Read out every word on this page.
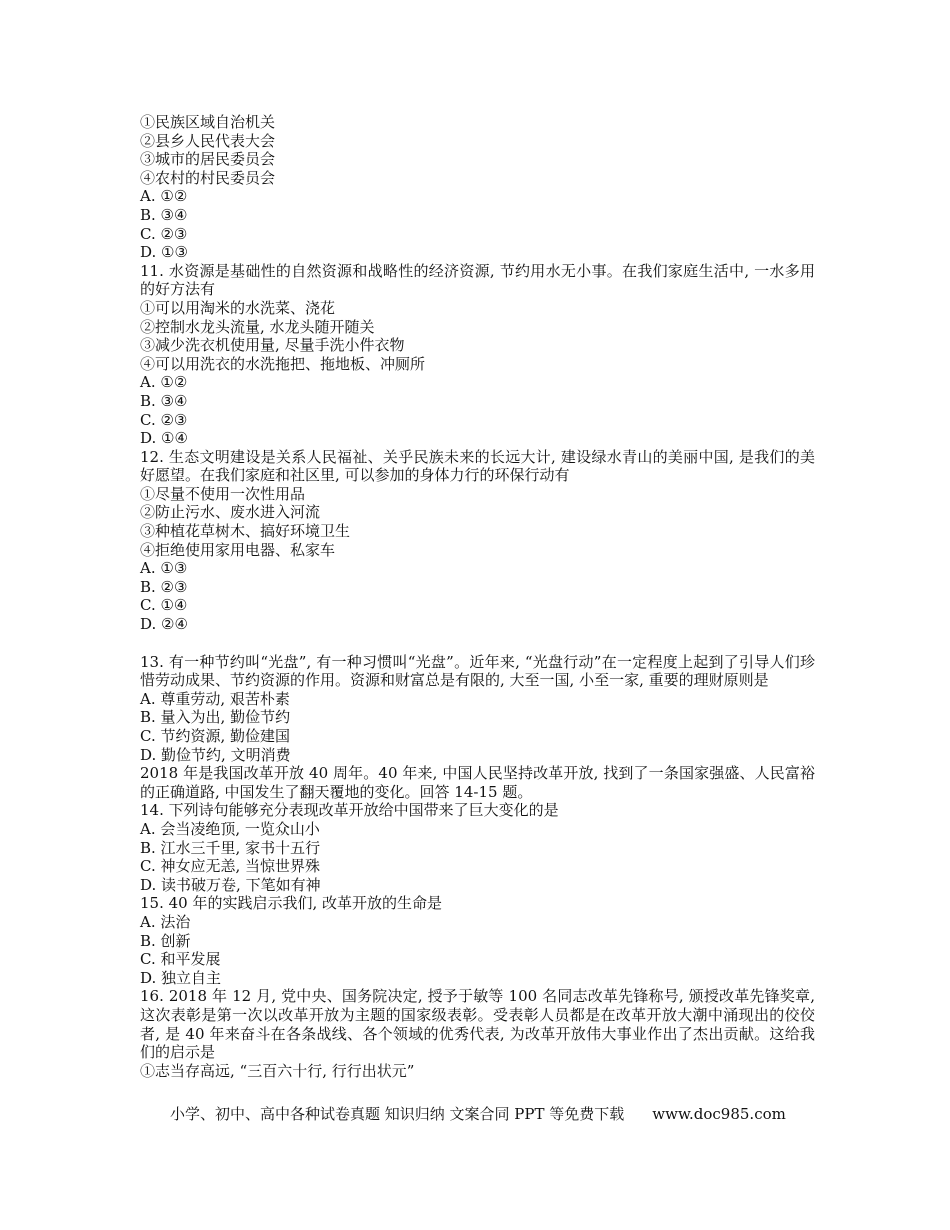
①民族区域自治机关
②县乡人民代表大会
③城市的居民委员会
④农村的村民委员会
A. ①②
B. ③④
C. ②③
D. ①③
11. 水资源是基础性的自然资源和战略性的经济资源, 节约用水无小事。在我们家庭生活中, 一水多用的好方法有
①可以用淘米的水洗菜、浇花
②控制水龙头流量, 水龙头随开随关
③减少洗衣机使用量, 尽量手洗小件衣物
④可以用洗衣的水洗拖把、拖地板、冲厕所
A. ①②
B. ③④
C. ②③
D. ①④
12. 生态文明建设是关系人民福祉、关乎民族未来的长远大计, 建设绿水青山的美丽中国, 是我们的美好愿望。在我们家庭和社区里, 可以参加的身体力行的环保行动有
①尽量不使用一次性用品
②防止污水、废水进入河流
③种植花草树木、搞好环境卫生
④拒绝使用家用电器、私家车
A. ①③
B. ②③
C. ①④
D. ②④
13. 有一种节约叫“光盘”, 有一种习惯叫“光盘”。近年来, “光盘行动”在一定程度上起到了引导人们珍惜劳动成果、节约资源的作用。资源和财富总是有限的, 大至一国, 小至一家, 重要的理财原则是
A. 尊重劳动, 艰苦朴素
B. 量入为出, 勤俭节约
C. 节约资源, 勤俭建国
D. 勤俭节约, 文明消费
2018 年是我国改革开放 40 周年。40 年来, 中国人民坚持改革开放, 找到了一条国家强盛、人民富裕的正确道路, 中国发生了翻天覆地的变化。回答 14-15 题。
14. 下列诗句能够充分表现改革开放给中国带来了巨大变化的是
A. 会当凌绝顶, 一览众山小
B. 江水三千里, 家书十五行
C. 神女应无恙, 当惊世界殊
D. 读书破万卷, 下笔如有神
15. 40 年的实践启示我们, 改革开放的生命是
A. 法治
B. 创新
C. 和平发展
D. 独立自主
16. 2018 年 12 月, 党中央、国务院决定, 授予于敏等 100 名同志改革先锋称号, 颁授改革先锋奖章, 这次表彰是第一次以改革开放为主题的国家级表彰。受表彰人员都是在改革开放大潮中涌现出的佼佼者, 是 40 年来奋斗在各条战线、各个领域的优秀代表, 为改革开放伟大事业作出了杰出贡献。这给我们的启示是
①志当存高远, “三百六十行, 行行出状元”
小学、初中、高中各种试卷真题 知识归纳 文案合同 PPT 等免费下载 www.doc985.com
